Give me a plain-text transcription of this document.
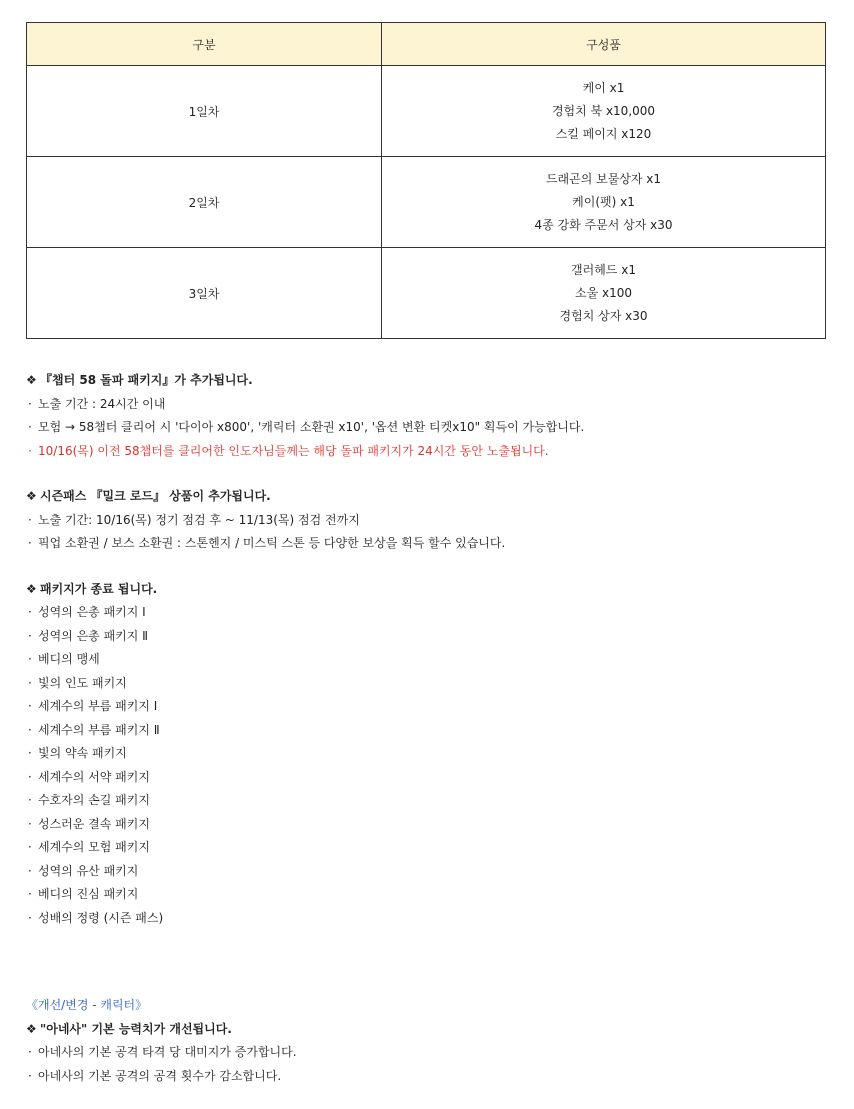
구분	구성품
1일차	케이 x1
경험치 북 x10,000
스킬 페이지 x120

2일차	드래곤의 보물상자 x1
케이(펫) x1
4종 강화 주문서 상자 x30

3일차	갤러헤드 x1
소울 x100
경험치 상자 x30
❖ 『챕터 58 돌파 패키지』가 추가됩니다.
· 노출 기간 : 24시간 이내
· 모험 → 58챕터 클리어 시 '다이아 x800', '캐릭터 소환권 x10', '옵션 변환 티켓x10" 획득이 가능합니다.
· 10/16(목) 이전 58챕터를 클리어한 인도자님들께는 해당 돌파 패키지가 24시간 동안 노출됩니다.
❖ 시즌패스 『밀크 로드』 상품이 추가됩니다.
· 노출 기간: 10/16(목) 정기 점검 후 ~ 11/13(목) 점검 전까지
· 픽업 소환권 / 보스 소환권 : 스톤헨지 / 미스틱 스톤 등 다양한 보상을 획득 할수 있습니다.
❖ 패키지가 종료 됩니다.
· 성역의 은총 패키지 Ⅰ
· 성역의 은총 패키지 Ⅱ
· 베디의 맹세
· 빛의 인도 패키지
· 세계수의 부름 패키지 Ⅰ
· 세계수의 부름 패키지 Ⅱ
· 빛의 약속 패키지
· 세계수의 서약 패키지
· 수호자의 손길 패키지
· 성스러운 결속 패키지
· 세계수의 모험 패키지
· 성역의 유산 패키지
· 베디의 진심 패키지
· 성배의 정령 (시즌 패스)
《개선/변경 - 캐릭터》
❖ "아네사" 기본 능력치가 개선됩니다.
· 아네사의 기본 공격 타격 당 대미지가 증가합니다.
· 아네사의 기본 공격의 공격 횟수가 감소합니다.
